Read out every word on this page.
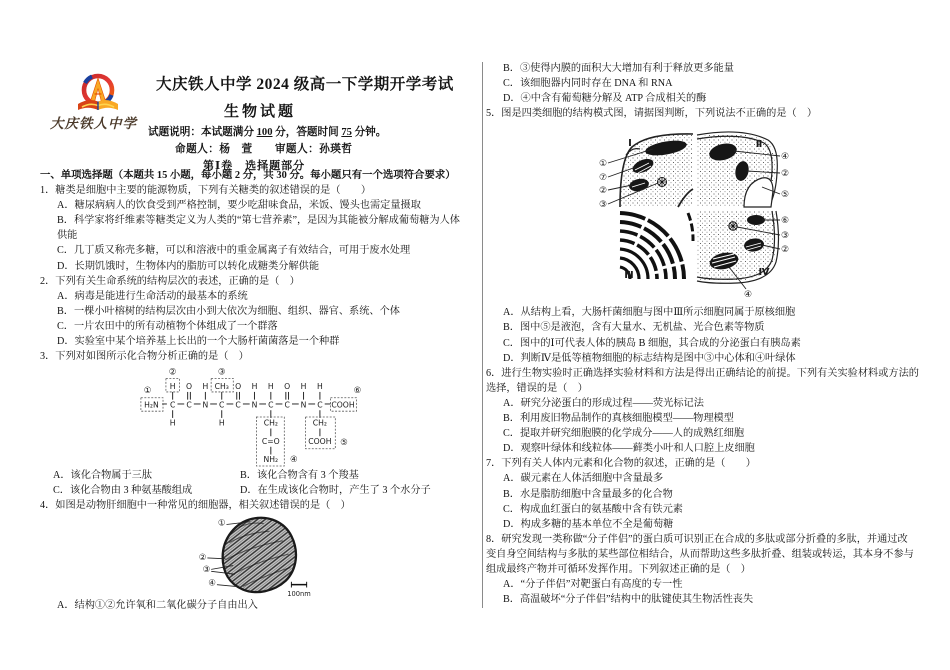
大庆铁人中学
大庆铁人中学 2024 级高一下学期开学考试
生物试题
试题说明：本试题满分 100 分，答题时间 75 分钟。
命题人：杨　萱　　审题人：孙瑛哲
第Ⅰ卷　选择题部分
一、单项选择题（本题共 15 小题，每小题 2 分，共 30 分。每小题只有一个选项符合要求）
1．糖类是细胞中主要的能源物质，下列有关糖类的叙述错误的是（　　）
A．糖尿病病人的饮食受到严格控制，要少吃甜味食品，米饭、馒头也需定量摄取
B．科学家将纤维素等糖类定义为人类的“第七营养素”，是因为其能被分解成葡萄糖为人体
供能
C．几丁质又称壳多糖，可以和溶液中的重金属离子有效结合，可用于废水处理
D．长期饥饿时，生物体内的脂肪可以转化成糖类分解供能
2．下列有关生命系统的结构层次的表述，正确的是（　）
A．病毒是能进行生命活动的最基本的系统
B．一棵小叶榕树的结构层次由小到大依次为细胞、组织、器官、系统、个体
C．一片农田中的所有动植物个体组成了一个群落
D．实验室中某个培养基上长出的一个大肠杆菌菌落是一个种群
3．下列对如图所示化合物分析正确的是（　）
H₂N C C N C C N C C N C COOH
H O H CH₃ O H H O H H
H	H	CH₂
C=O
NH₂
CH₂
COOH
①
②	③
④
⑤
⑥
A．该化合物属于三肽	B．该化合物含有 3 个羧基
C．该化合物由 3 种氨基酸组成	D．在生成该化合物时，产生了 3 个水分子
4．如图是动物肝细胞中一种常见的细胞器，相关叙述错误的是（　）
①
②
③
④
100nm
A．结构①②允许氧和二氧化碳分子自由出入
B．③使得内膜的面积大大增加有利于释放更多能量
C．该细胞器内同时存在 DNA 和 RNA
D．④中含有葡萄糖分解及 ATP 合成相关的酶
5．图是四类细胞的结构模式图，请据图判断，下列说法不正确的是（　）
Ⅰ	Ⅱ
Ⅲ	Ⅳ
①
⑦
②
③
④
②
⑤
⑥
③
②
④
A．从结构上看，大肠杆菌细胞与图中Ⅲ所示细胞同属于原核细胞
B．图中⑤是液泡，含有大量水、无机盐、光合色素等物质
C．图中的Ⅰ可代表人体的胰岛 B 细胞，其合成的分泌蛋白有胰岛素
D．判断Ⅳ是低等植物细胞的标志结构是图中③中心体和④叶绿体
6．进行生物实验时正确选择实验材料和方法是得出正确结论的前提。下列有关实验材料或方法的
选择，错误的是（　）
A．研究分泌蛋白的形成过程——荧光标记法
B．利用废旧物品制作的真核细胞模型——物理模型
C．提取并研究细胞膜的化学成分——人的成熟红细胞
D．观察叶绿体和线粒体——藓类小叶和人口腔上皮细胞
7．下列有关人体内元素和化合物的叙述，正确的是（　　）
A．碳元素在人体活细胞中含量最多
B．水是脂肪细胞中含量最多的化合物
C．构成血红蛋白的氨基酸中含有铁元素
D．构成多糖的基本单位不全是葡萄糖
8．研究发现一类称做“分子伴侣”的蛋白质可识别正在合成的多肽或部分折叠的多肽，并通过改
变自身空间结构与多肽的某些部位相结合，从而帮助这些多肽折叠、组装或转运，其本身不参与
组成最终产物并可循环发挥作用。下列叙述正确的是（　）
A．“分子伴侣”对靶蛋白有高度的专一性
B．高温破坏“分子伴侣”结构中的肽键使其生物活性丧失
